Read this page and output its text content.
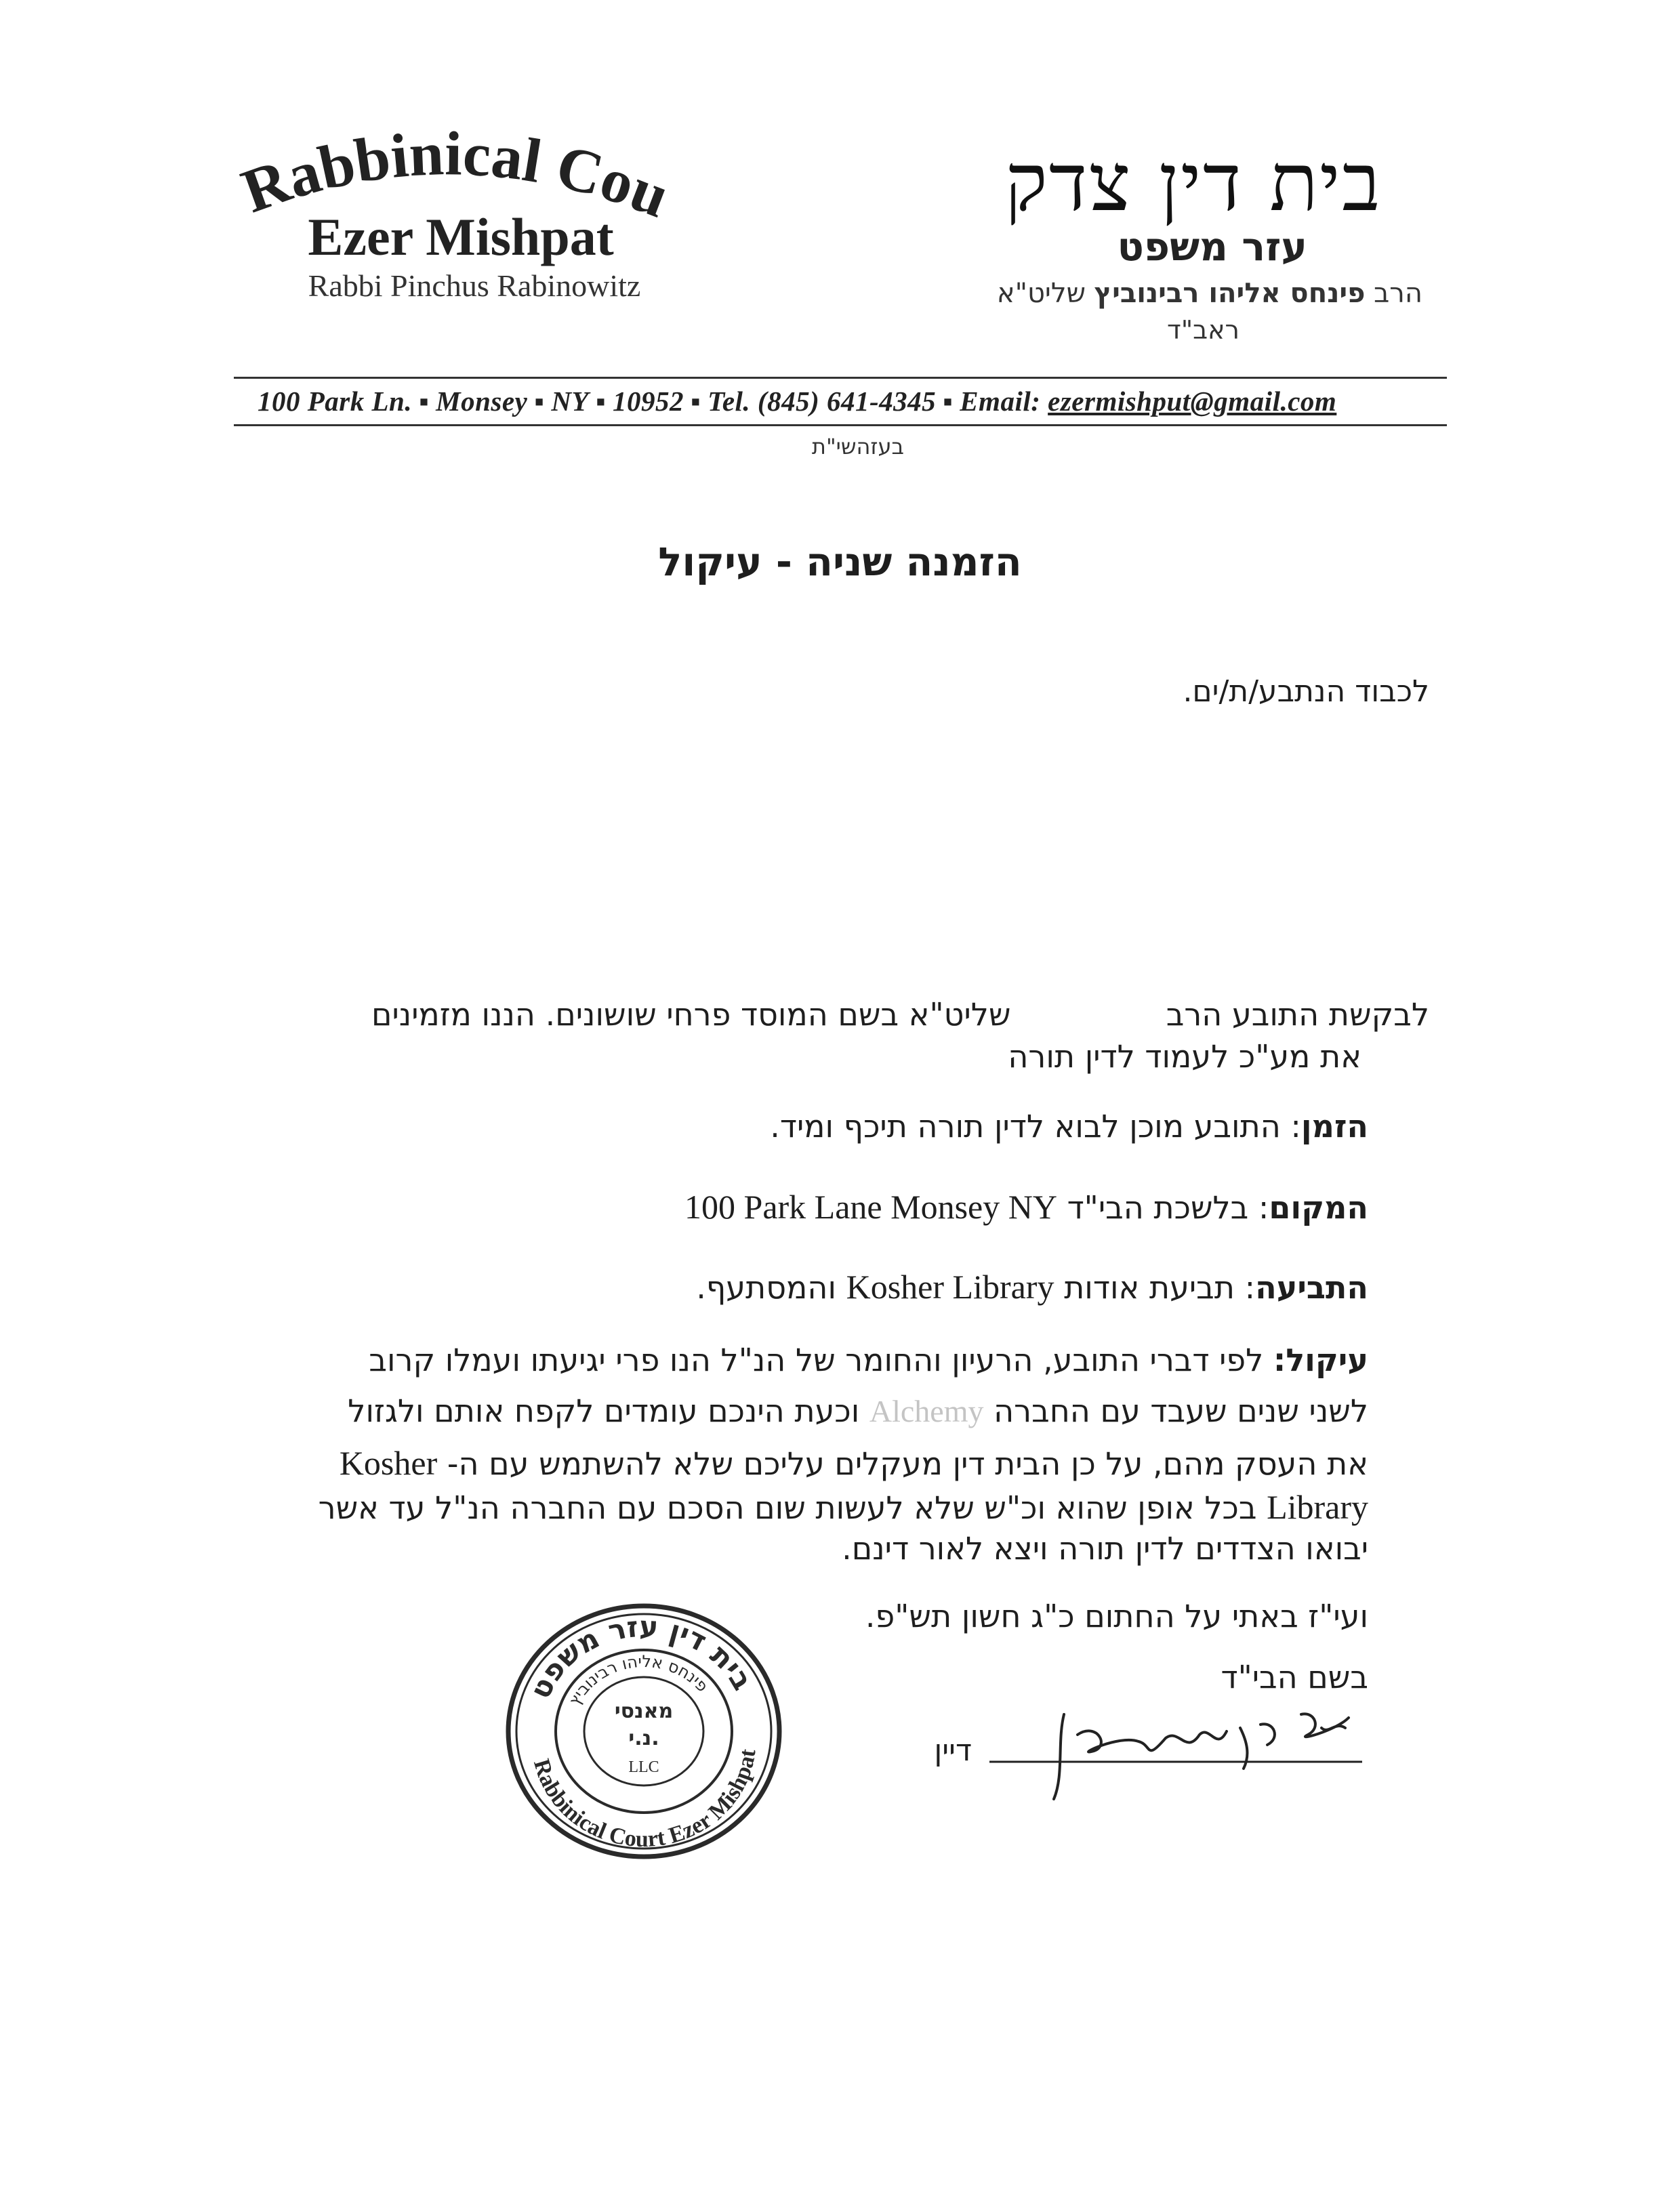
Rabbinical Court
Ezer Mishpat
Rabbi Pinchus Rabinowitz
בית דין צדק
עזר משפט
הרב פינחס אליהו רבינוביץ שליט"א
ראב"ד
100 Park Ln. ▪ Monsey ▪ NY ▪ 10952 ▪ Tel. (845) 641-4345 ▪ Email: ezermishput@gmail.com
בעזהשי"ת
הזמנה שניה - עיקול
לכבוד הנתבע/ת/ים.
לבקשת התובע הרב  שליט"א בשם המוסד פרחי שושונים. הננו מזמינים
את מע"כ לעמוד לדין תורה
הזמן: התובע מוכן לבוא לדין תורה תיכף ומיד.
המקום: בלשכת הבי"ד 100 Park Lane Monsey NY
התביעה: תביעת אודות Kosher Library והמסתעף.
עיקול: לפי דברי התובע, הרעיון והחומר של הנ"ל הנו פרי יגיעתו ועמלו קרוב
לשני שנים שעבד עם החברה Alchemy וכעת הינכם עומדים לקפח אותם ולגזול
את העסק מהם, על כן הבית דין מעקלים עליכם שלא להשתמש עם ה- Kosher
Library בכל אופן שהוא וכ"ש שלא לעשות שום הסכם עם החברה הנ"ל עד אשר
יבואו הצדדים לדין תורה ויצא לאור דינם.
ועי"ז באתי על החתום כ"ג חשון תש"פ.
בשם הבי"ד
בית דין עזר משפט
Rabbinical Court Ezer Mishpat
פינחס אליהו רבינוביץ
מאנסי
נ.י.
LLC	דיין
